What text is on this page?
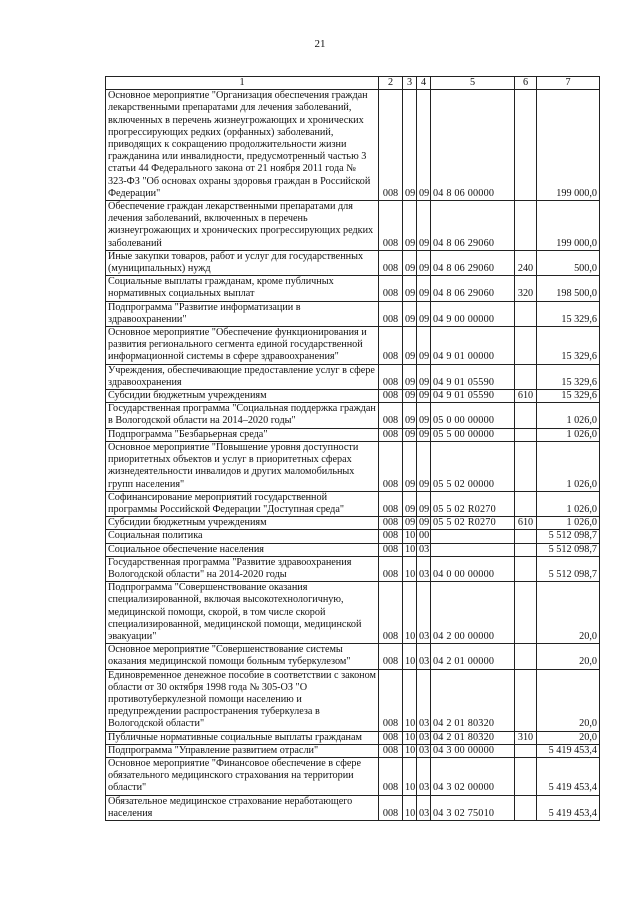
21
1	2	3	4	5	6	7
Основное мероприятие "Организация обеспечения граждан лекарственными препаратами для лечения заболеваний, включенных в перечень жизнеугрожающих и хронических прогрессирующих редких (орфанных) заболеваний, приводящих к сокращению продолжительности жизни гражданина или инвалидности, предусмотренный частью 3 статьи 44 Федерального закона от 21 ноября 2011 года № 323-ФЗ "Об основах охраны здоровья граждан в Российской Федерации"	008	09	09	04 8 06 00000		199 000,0
Обеспечение граждан лекарственными препаратами для лечения заболеваний, включенных в перечень жизнеугрожающих и хронических прогрессирующих редких заболеваний	008	09	09	04 8 06 29060		199 000,0
Иные закупки товаров, работ и услуг для государственных (муниципальных) нужд	008	09	09	04 8 06 29060	240	500,0
Социальные выплаты гражданам, кроме публичных нормативных социальных выплат	008	09	09	04 8 06 29060	320	198 500,0
Подпрограмма "Развитие информатизации в здравоохранении"	008	09	09	04 9 00 00000		15 329,6
Основное мероприятие "Обеспечение функционирования и развития регионального сегмента единой государственной информационной системы в сфере здравоохранения"	008	09	09	04 9 01 00000		15 329,6
Учреждения, обеспечивающие предоставление услуг в сфере здравоохранения	008	09	09	04 9 01 05590		15 329,6
Субсидии бюджетным учреждениям	008	09	09	04 9 01 05590	610	15 329,6
Государственная программа "Социальная поддержка граждан в Вологодской области на 2014–2020 годы"	008	09	09	05 0 00 00000		1 026,0
Подпрограмма "Безбарьерная среда"	008	09	09	05 5 00 00000		1 026,0
Основное мероприятие "Повышение уровня доступности приоритетных объектов и услуг в приоритетных сферах жизнедеятельности инвалидов и других маломобильных групп населения"	008	09	09	05 5 02 00000		1 026,0
Софинансирование мероприятий государственной программы Российской Федерации "Доступная среда"	008	09	09	05 5 02 R0270		1 026,0
Субсидии бюджетным учреждениям	008	09	09	05 5 02 R0270	610	1 026,0
Социальная политика	008	10	00			5 512 098,7
Социальное обеспечение населения	008	10	03			5 512 098,7
Государственная программа "Развитие здравоохранения Вологодской области" на 2014-2020 годы	008	10	03	04 0 00 00000		5 512 098,7
Подпрограмма "Совершенствование оказания специализированной, включая высокотехнологичную, медицинской помощи, скорой, в том числе скорой специализированной, медицинской помощи, медицинской эвакуации"	008	10	03	04 2 00 00000		20,0
Основное мероприятие "Совершенствование системы оказания медицинской помощи больным туберкулезом"	008	10	03	04 2 01 00000		20,0
Единовременное денежное пособие в соответствии с законом области от 30 октября 1998 года № 305-ОЗ "О противотуберкулезной помощи населению и предупреждении распространения туберкулеза в Вологодской области"	008	10	03	04 2 01 80320		20,0
Публичные нормативные социальные выплаты гражданам	008	10	03	04 2 01 80320	310	20,0
Подпрограмма "Управление развитием отрасли"	008	10	03	04 3 00 00000		5 419 453,4
Основное мероприятие "Финансовое обеспечение в сфере обязательного медицинского страхования на территории области"	008	10	03	04 3 02 00000		5 419 453,4
Обязательное медицинское страхование неработающего населения	008	10	03	04 3 02 75010		5 419 453,4
